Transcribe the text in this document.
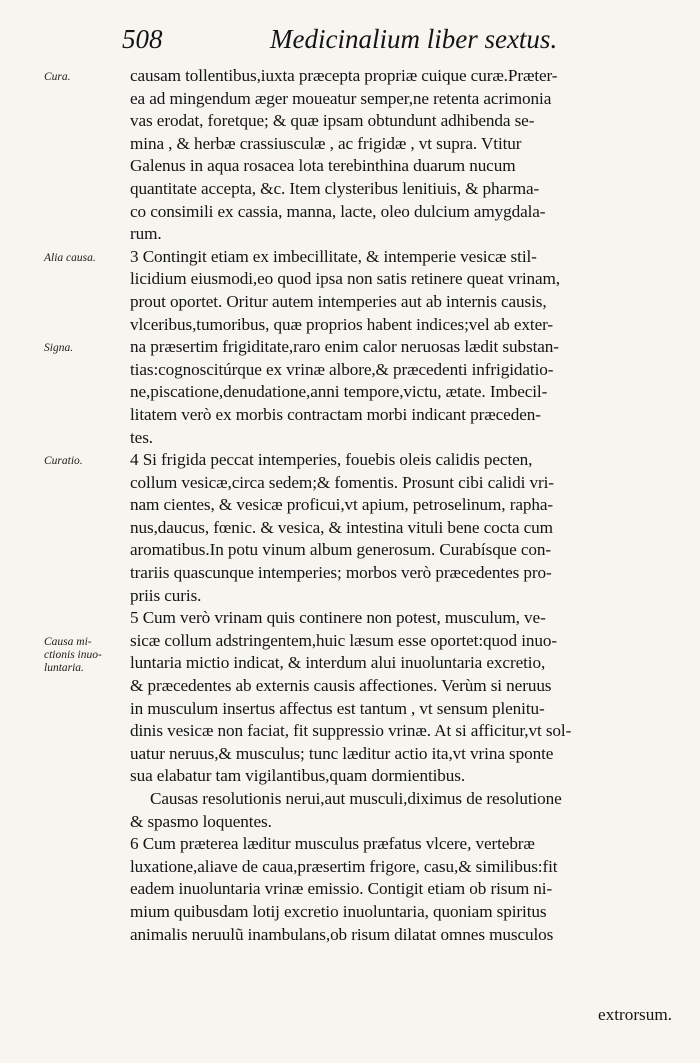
508	Medicinalium liber sextus.
Cura.
Alia causa.
Signa.
Curatio.
Causa mi-
ctionis inuo-
luntaria.
causam tollentibus,iuxta præcepta propriæ cuique curæ.Præter-
ea ad mingendum æger moueatur semper,ne retenta acrimonia
vas erodat, foretque; & quæ ipsam obtundunt adhibenda se-
mina , & herbæ crassiusculæ , ac frigidæ , vt supra. Vtitur
Galenus in aqua rosacea lota terebinthina duarum nucum
quantitate accepta, &c. Item clysteribus lenitiuis, & pharma-
co consimili ex cassia, manna, lacte, oleo dulcium amygdala-
rum.
3 Contingit etiam ex imbecillitate, & intemperie vesicæ stil-
licidium eiusmodi,eo quod ipsa non satis retinere queat vrinam,
prout oportet. Oritur autem intemperies aut ab internis causis,
vlceribus,tumoribus, quæ proprios habent indices;vel ab exter-
na præsertim frigiditate,raro enim calor neruosas lædit substan-
tias:cognoscitúrque ex vrinæ albore,& præcedenti infrigidatio-
ne,piscatione,denudatione,anni tempore,victu, ætate. Imbecil-
litatem verò ex morbis contractam morbi indicant præceden-
tes.
4 Si frigida peccat intemperies, fouebis oleis calidis pecten,
collum vesicæ,circa sedem;& fomentis. Prosunt cibi calidi vri-
nam cientes, & vesicæ proficui,vt apium, petroselinum, rapha-
nus,daucus, fœnic. & vesica, & intestina vituli bene cocta cum
aromatibus.In potu vinum album generosum. Curabísque con-
trariis quascunque intemperies; morbos verò præcedentes pro-
priis curis.
5 Cum verò vrinam quis continere non potest, musculum, ve-
sicæ collum adstringentem,huic læsum esse oportet:quod inuo-
luntaria mictio indicat, & interdum alui inuoluntaria excretio,
& præcedentes ab externis causis affectiones. Verùm si neruus
in musculum insertus affectus est tantum , vt sensum plenitu-
dinis vesicæ non faciat, fit suppressio vrinæ. At si afficitur,vt sol-
uatur neruus,& musculus; tunc læditur actio ita,vt vrina sponte
sua elabatur tam vigilantibus,quam dormientibus.
Causas resolutionis nerui,aut musculi,diximus de resolutione
& spasmo loquentes.
6 Cum præterea læditur musculus præfatus vlcere, vertebræ
luxatione,aliave de caua,præsertim frigore, casu,& similibus:fit
eadem inuoluntaria vrinæ emissio. Contigit etiam ob risum ni-
mium quibusdam lotij excretio inuoluntaria, quoniam spiritus
animalis neruulũ inambulans,ob risum dilatat omnes musculos
extrorsum.
